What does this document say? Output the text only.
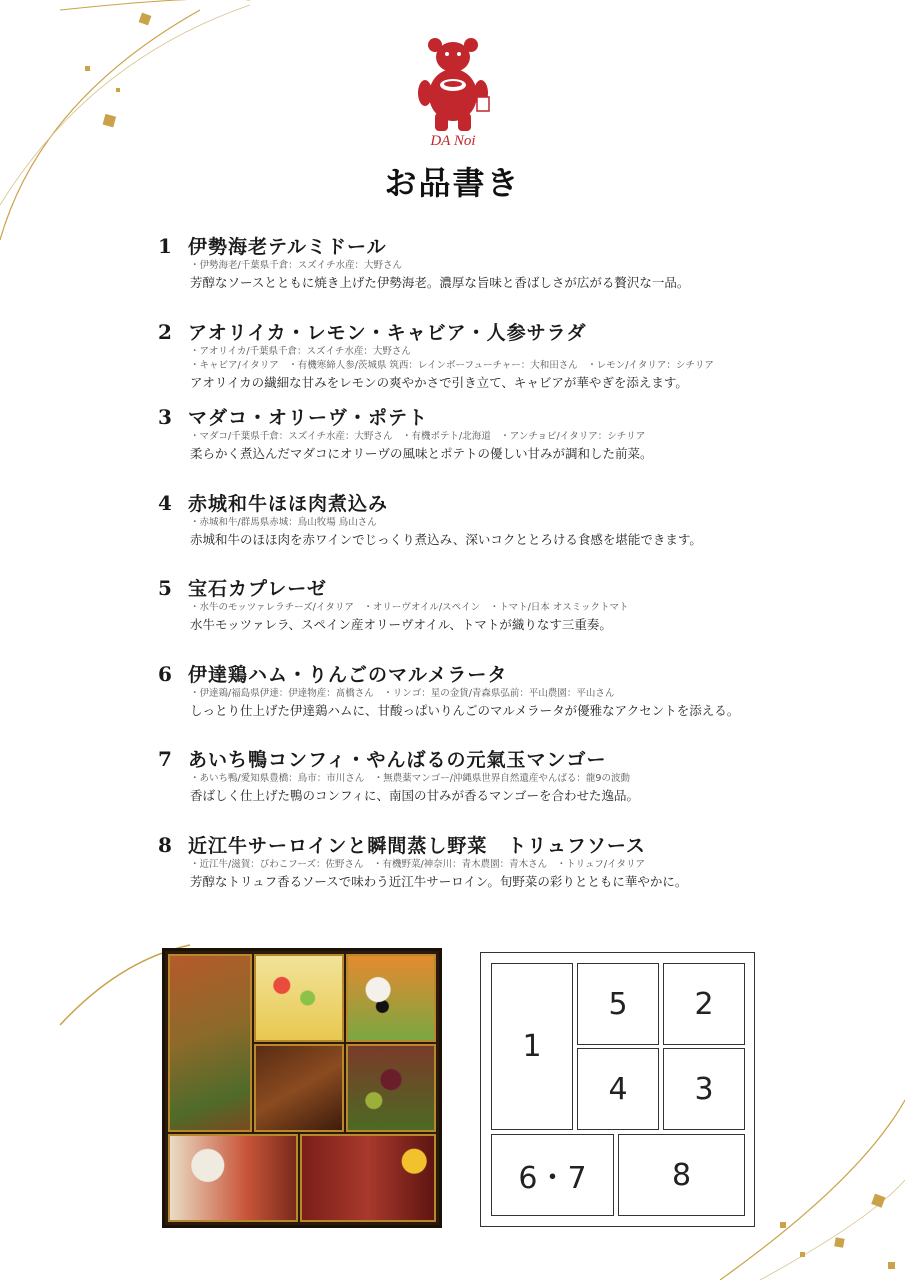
DA Noi
お品書き
1 伊勢海老テルミドール
・伊勢海老/千葉県千倉：スズイチ水産：大野さん
芳醇なソースとともに焼き上げた伊勢海老。濃厚な旨味と香ばしさが広がる贅沢な一品。
2 アオリイカ・レモン・キャビア・人参サラダ
・アオリイカ/千葉県千倉：スズイチ水産：大野さん
・キャビア/イタリア　・有機寒締人参/茨城県 筑西：レインボーフューチャー：大和田さん　・レモン/イタリア：シチリア
アオリイカの繊細な甘みをレモンの爽やかさで引き立て、キャビアが華やぎを添えます。
3 マダコ・オリーヴ・ポテト
・マダコ/千葉県千倉：スズイチ水産：大野さん　・有機ポテト/北海道　・アンチョビ/イタリア：シチリア
柔らかく煮込んだマダコにオリーヴの風味とポテトの優しい甘みが調和した前菜。
4 赤城和牛ほほ肉煮込み
・赤城和牛/群馬県赤城：鳥山牧場 鳥山さん
赤城和牛のほほ肉を赤ワインでじっくり煮込み、深いコクととろける食感を堪能できます。
5 宝石カプレーゼ
・水牛のモッツァレラチーズ/イタリア　・オリーヴオイル/スペイン　・トマト/日本 オスミックトマト
水牛モッツァレラ、スペイン産オリーヴオイル、トマトが織りなす三重奏。
6 伊達鶏ハム・りんごのマルメラータ
・伊達鶏/福島県伊達：伊達物産：髙橋さん　・リンゴ：星の金貨/青森県弘前：平山農園：平山さん
しっとり仕上げた伊達鶏ハムに、甘酸っぱいりんごのマルメラータが優雅なアクセントを添える。
7 あいち鴨コンフィ・やんばるの元氣玉マンゴー
・あいち鴨/愛知県豊橋：鳥市：市川さん　・無農薬マンゴー/沖縄県世界自然遺産やんばる：龍9の波動
香ばしく仕上げた鴨のコンフィに、南国の甘みが香るマンゴーを合わせた逸品。
8 近江牛サーロインと瞬間蒸し野菜　トリュフソース
・近江牛/滋賀：びわこフーズ：佐野さん　・有機野菜/神奈川：青木農園：青木さん　・トリュフ/イタリア
芳醇なトリュフ香るソースで味わう近江牛サーロイン。旬野菜の彩りとともに華やかに。
1
5	2
4	3
6・7	8
